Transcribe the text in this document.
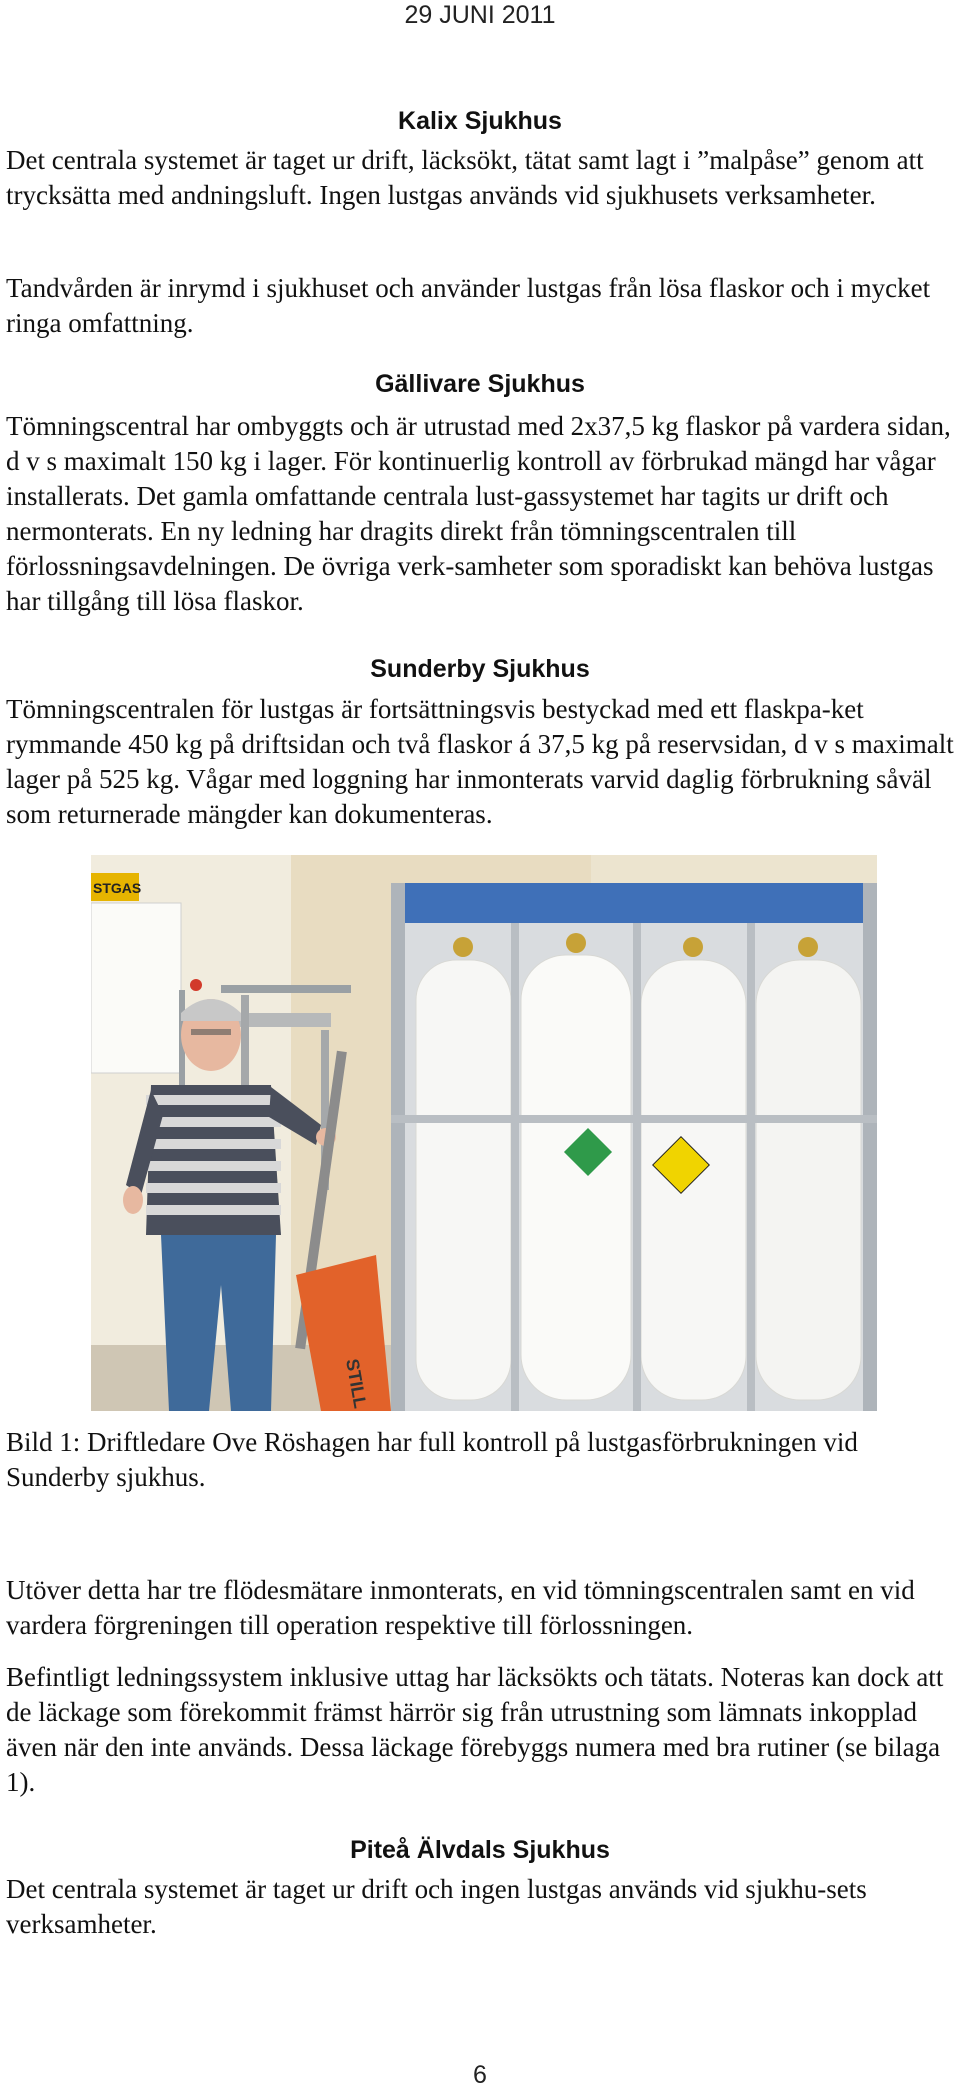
29 JUNI 2011
Kalix Sjukhus

Det centrala systemet är taget ur drift, läcksökt, tätat samt lagt i ”malpåse” genom att trycksätta med andningsluft. Ingen lustgas används vid sjukhusets verksamheter.

Tandvården är inrymd i sjukhuset och använder lustgas från lösa flaskor och i mycket ringa omfattning.

Gällivare Sjukhus

Tömningscentral har ombyggts och är utrustad med 2x37,5 kg flaskor på vardera sidan, d v s maximalt 150 kg i lager. För kontinuerlig kontroll av förbrukad mängd har vågar installerats. Det gamla omfattande centrala lust-gassystemet har tagits ur drift och nermonterats. En ny ledning har dragits direkt från tömningscentralen till förlossningsavdelningen. De övriga verk-samheter som sporadiskt kan behöva lustgas har tillgång till lösa flaskor.

Sunderby Sjukhus

Tömningscentralen för lustgas är fortsättningsvis bestyckad med ett flaskpa-ket rymmande 450 kg på driftsidan och två flaskor á 37,5 kg på reservsidan, d v s maximalt lager på 525 kg. Vågar med loggning har inmonterats varvid daglig förbrukning såväl som returnerade mängder kan dokumenteras.

STGAS
STILL

Bild 1: Driftledare Ove Röshagen har full kontroll på lustgasförbrukningen vid Sunderby sjukhus.

Utöver detta har tre flödesmätare inmonterats, en vid tömningscentralen samt en vid vardera förgreningen till operation respektive till förlossningen.

Befintligt ledningssystem inklusive uttag har läcksökts och tätats. Noteras kan dock att de läckage som förekommit främst härrör sig från utrustning som lämnats inkopplad även när den inte används. Dessa läckage förebyggs numera med bra rutiner (se bilaga 1).

Piteå Älvdals Sjukhus

Det centrala systemet är taget ur drift och ingen lustgas används vid sjukhu-sets verksamheter.

6
